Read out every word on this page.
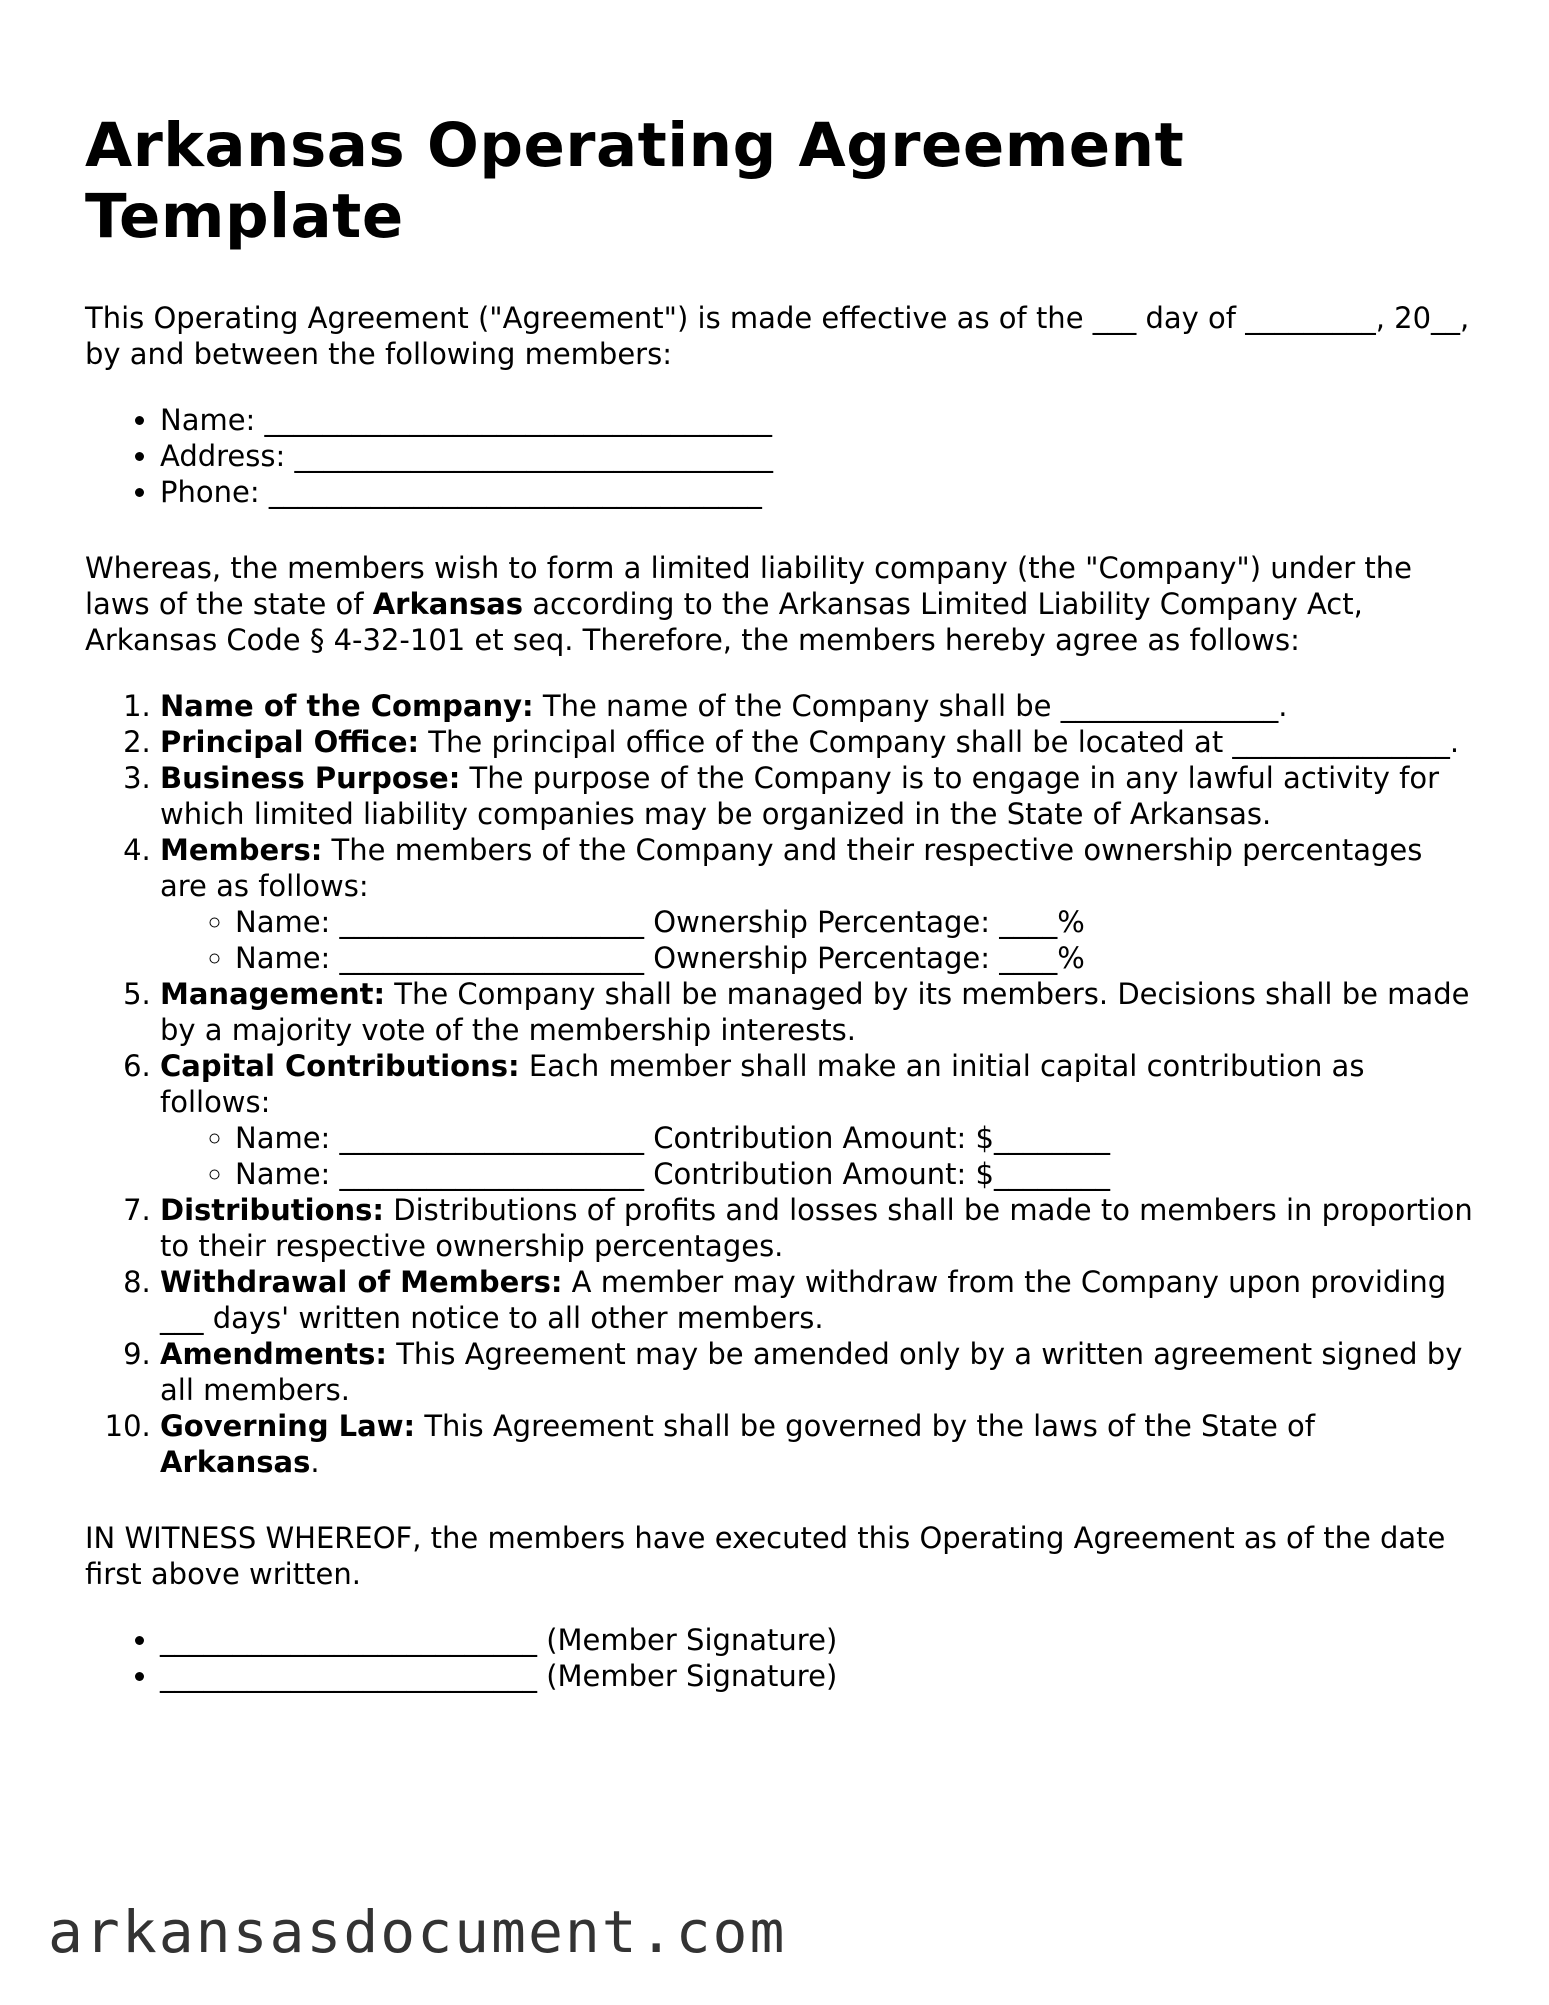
Arkansas Operating Agreement Template

This Operating Agreement ("Agreement") is made effective as of the ___ day of _________, 20__, by and between the following members:

• Name: ___________________________________
• Address: _________________________________
• Phone: __________________________________

Whereas, the members wish to form a limited liability company (the "Company") under the laws of the state of Arkansas according to the Arkansas Limited Liability Company Act, Arkansas Code § 4-32-101 et seq. Therefore, the members hereby agree as follows:

1. Name of the Company: The name of the Company shall be _______________.
2. Principal Office: The principal office of the Company shall be located at _______________.
3. Business Purpose: The purpose of the Company is to engage in any lawful activity for which limited liability companies may be organized in the State of Arkansas.
4. Members: The members of the Company and their respective ownership percentages are as follows:
◦ Name: _____________________ Ownership Percentage: ____%
◦ Name: _____________________ Ownership Percentage: ____%
5. Management: The Company shall be managed by its members. Decisions shall be made by a majority vote of the membership interests.
6. Capital Contributions: Each member shall make an initial capital contribution as follows:
◦ Name: _____________________ Contribution Amount: $________
◦ Name: _____________________ Contribution Amount: $________
7. Distributions: Distributions of profits and losses shall be made to members in proportion to their respective ownership percentages.
8. Withdrawal of Members: A member may withdraw from the Company upon providing ___ days' written notice to all other members.
9. Amendments: This Agreement may be amended only by a written agreement signed by all members.
10. Governing Law: This Agreement shall be governed by the laws of the State of Arkansas.

IN WITNESS WHEREOF, the members have executed this Operating Agreement as of the date first above written.

• __________________________ (Member Signature)
• __________________________ (Member Signature)
arkansasdocument.com
